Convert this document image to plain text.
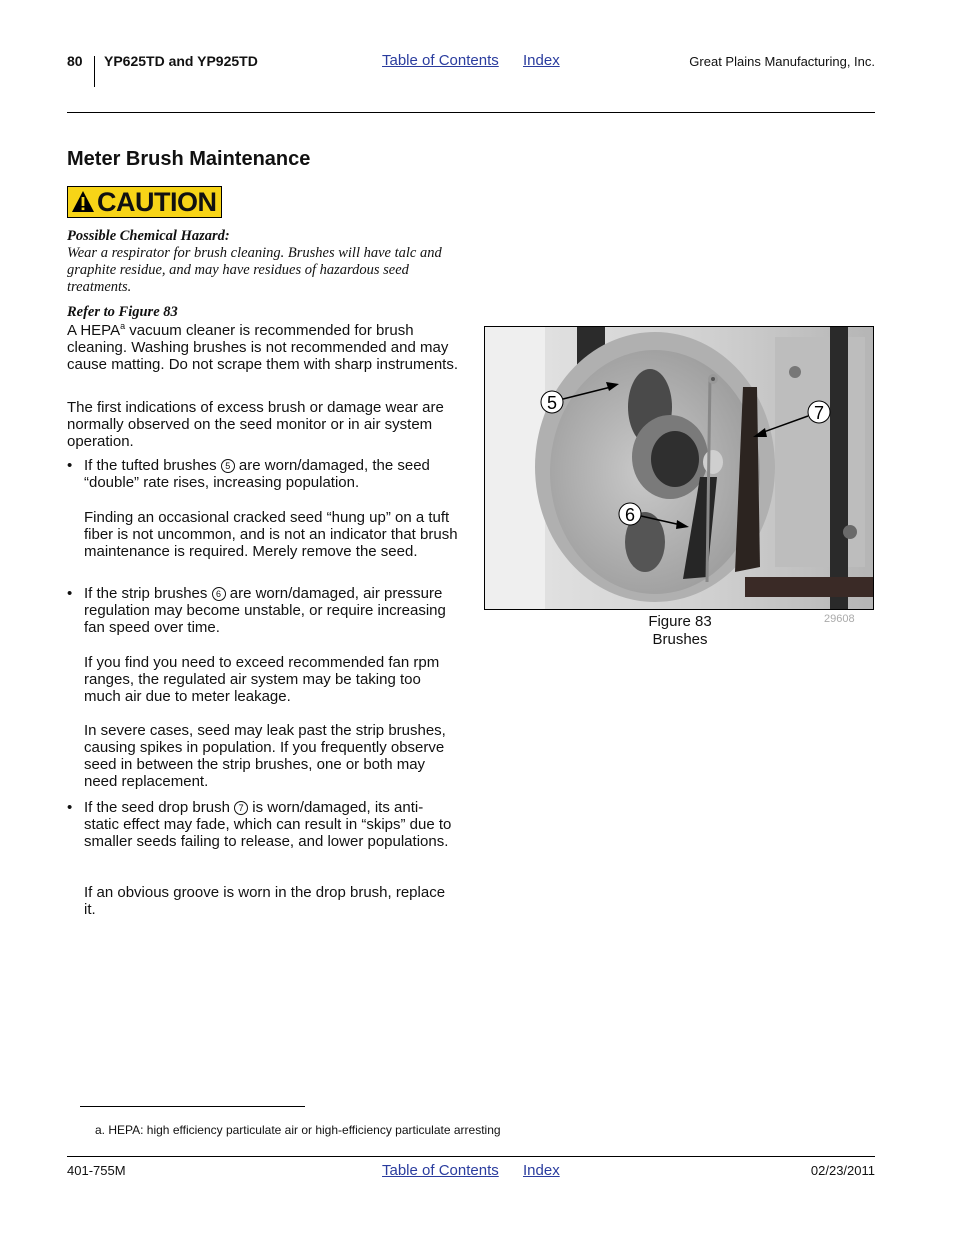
80 YP625TD and YP925TD	Table of Contents Index	Great Plains Manufacturing, Inc.
Meter Brush Maintenance
CAUTION
Possible Chemical Hazard:
Wear a respirator for brush cleaning. Brushes will have talc and graphite residue, and may have residues of hazardous seed treatments.
Refer to Figure 83
A HEPA$^a$ vacuum cleaner is recommended for brush cleaning. Washing brushes is not recommended and may cause matting. Do not scrape them with sharp instruments.
The first indications of excess brush or damage wear are normally observed on the seed monitor or in air system operation.
• If the tufted brushes 5 are worn/damaged, the seed “double” rate rises, increasing population.
Finding an occasional cracked seed “hung up” on a tuft fiber is not uncommon, and is not an indicator that brush maintenance is required. Merely remove the seed.
• If the strip brushes 6 are worn/damaged, air pressure regulation may become unstable, or require increasing fan speed over time.
If you find you need to exceed recommended fan rpm ranges, the regulated air system may be taking too much air due to meter leakage.
In severe cases, seed may leak past the strip brushes, causing spikes in population. If you frequently observe seed in between the strip brushes, one or both may need replacement.
• If the seed drop brush 7 is worn/damaged, its anti-static effect may fade, which can result in “skips” due to smaller seeds failing to release, and lower populations.
If an obvious groove is worn in the drop brush, replace it.
5
6
7
Figure 83
Brushes
29608
a. HEPA: high efficiency particulate air or high-efficiency particulate arresting
401-755M	Table of Contents Index	02/23/2011
